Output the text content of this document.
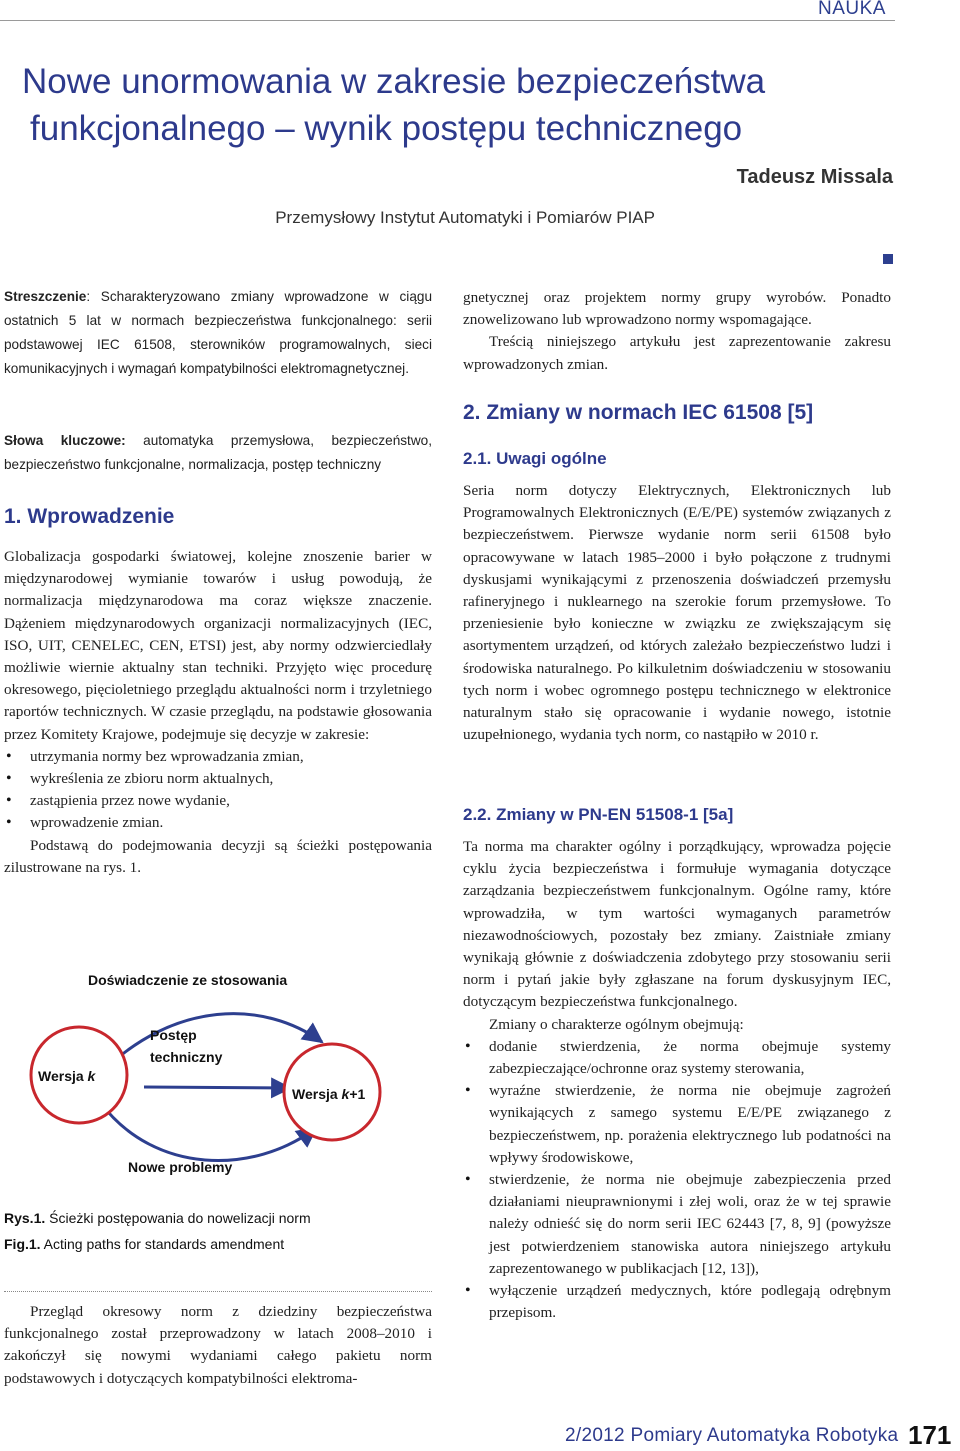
NAUKA
Nowe unormowania w zakresie bezpieczeństwa
funkcjonalnego – wynik postępu technicznego
Tadeusz Missala
Przemysłowy Instytut Automatyki i Pomiarów PIAP

Streszczenie: Scharakteryzowano zmiany wprowadzone w ciągu ostatnich 5 lat w normach bezpieczeństwa funkcjonalnego: serii podstawowej IEC 61508, sterowników programowalnych, sieci komunikacyjnych i wymagań kompatybilności elektromagnetycznej.

Słowa kluczowe: automatyka przemysłowa, bezpieczeństwo, bezpieczeństwo funkcjonalne, normalizacja, postęp techniczny

1. Wprowadzenie

Globalizacja gospodarki światowej, kolejne znoszenie barier w międzynarodowej wymianie towarów i usług powodują, że normalizacja międzynarodowa ma coraz większe znaczenie. Dążeniem międzynarodowych organizacji normalizacyjnych (IEC, ISO, UIT, CENELEC, CEN, ETSI) jest, aby normy odzwierciedlały możliwie wiernie aktualny stan techniki. Przyjęto więc procedurę okresowego, pięcioletniego przeglądu aktualności norm i trzyletniego raportów technicznych. W czasie przeglądu, na podstawie głosowania przez Komitety Krajowe, podejmuje się decyzje w zakresie:

• utrzymania normy bez wprowadzania zmian,
• wykreślenia ze zbioru norm aktualnych,
• zastąpienia przez nowe wydanie,
• wprowadzenie zmian.

Podstawą do podejmowania decyzji są ścieżki postępowania zilustrowane na rys. 1.

Doświadczenie ze stosowania
Postęp
techniczny
Wersja k
Wersja k+1
Nowe problemy
Rys.1. Ścieżki postępowania do nowelizacji norm
Fig.1. Acting paths for standards amendment

Przegląd okresowy norm z dziedziny bezpieczeństwa funkcjonalnego został przeprowadzony w latach 2008–2010 i zakończył się nowymi wydaniami całego pakietu norm podstawowych i dotyczących kompatybilności elektroma-

gnetycznej oraz projektem normy grupy wyrobów. Ponadto znowelizowano lub wprowadzono normy wspomagające.

Treścią niniejszego artykułu jest zaprezentowanie zakresu wprowadzonych zmian.

2. Zmiany w normach IEC 61508 [5]
2.1. Uwagi ogólne

Seria norm dotyczy Elektrycznych, Elektronicznych lub Programowalnych Elektronicznych (E/E/PE) systemów związanych z bezpieczeństwem. Pierwsze wydanie norm serii 61508 było opracowywane w latach 1985–2000 i było połączone z trudnymi dyskusjami wynikającymi z przenoszenia doświadczeń przemysłu rafineryjnego i nuklearnego na szerokie forum przemysłowe. To przeniesienie było konieczne w związku ze zwiększającym się asortymentem urządzeń, od których zależało bezpieczeństwo ludzi i środowiska naturalnego. Po kilkuletnim doświadczeniu w stosowaniu tych norm i wobec ogromnego postępu technicznego w elektronice naturalnym stało się opracowanie i wydanie nowego, istotnie uzupełnionego, wydania tych norm, co nastąpiło w 2010 r.

2.2. Zmiany w PN-EN 51508-1 [5a]

Ta norma ma charakter ogólny i porządkujący, wprowadza pojęcie cyklu życia bezpieczeństwa i formułuje wymagania dotyczące zarządzania bezpieczeństwem funkcjonalnym. Ogólne ramy, które wprowadziła, w tym wartości wymaganych parametrów niezawodnościowych, pozostały bez zmiany. Zaistniałe zmiany wynikają głównie z doświadczenia zdobytego przy stosowaniu serii norm i pytań jakie były zgłaszane na forum dyskusyjnym IEC, dotyczącym bezpieczeństwa funkcjonalnego.

Zmiany o charakterze ogólnym obejmują:

• dodanie stwierdzenia, że norma obejmuje systemy zabezpieczające/ochronne oraz systemy sterowania,
• wyraźne stwierdzenie, że norma nie obejmuje zagrożeń wynikających z samego systemu E/E/PE związanego z bezpieczeństwem, np. porażenia elektrycznego lub podatności na wpływy środowiskowe,
• stwierdzenie, że norma nie obejmuje zabezpieczenia przed działaniami nieuprawnionymi i złej woli, oraz że w tej sprawie należy odnieść się do norm serii IEC 62443 [7, 8, 9] (powyższe jest potwierdzeniem stanowiska autora niniejszego artykułu zaprezentowanego w publikacjach [12, 13]),
• wyłączenie urządzeń medycznych, które podlegają odrębnym przepisom.
2/2012 Pomiary Automatyka Robotyka 171
